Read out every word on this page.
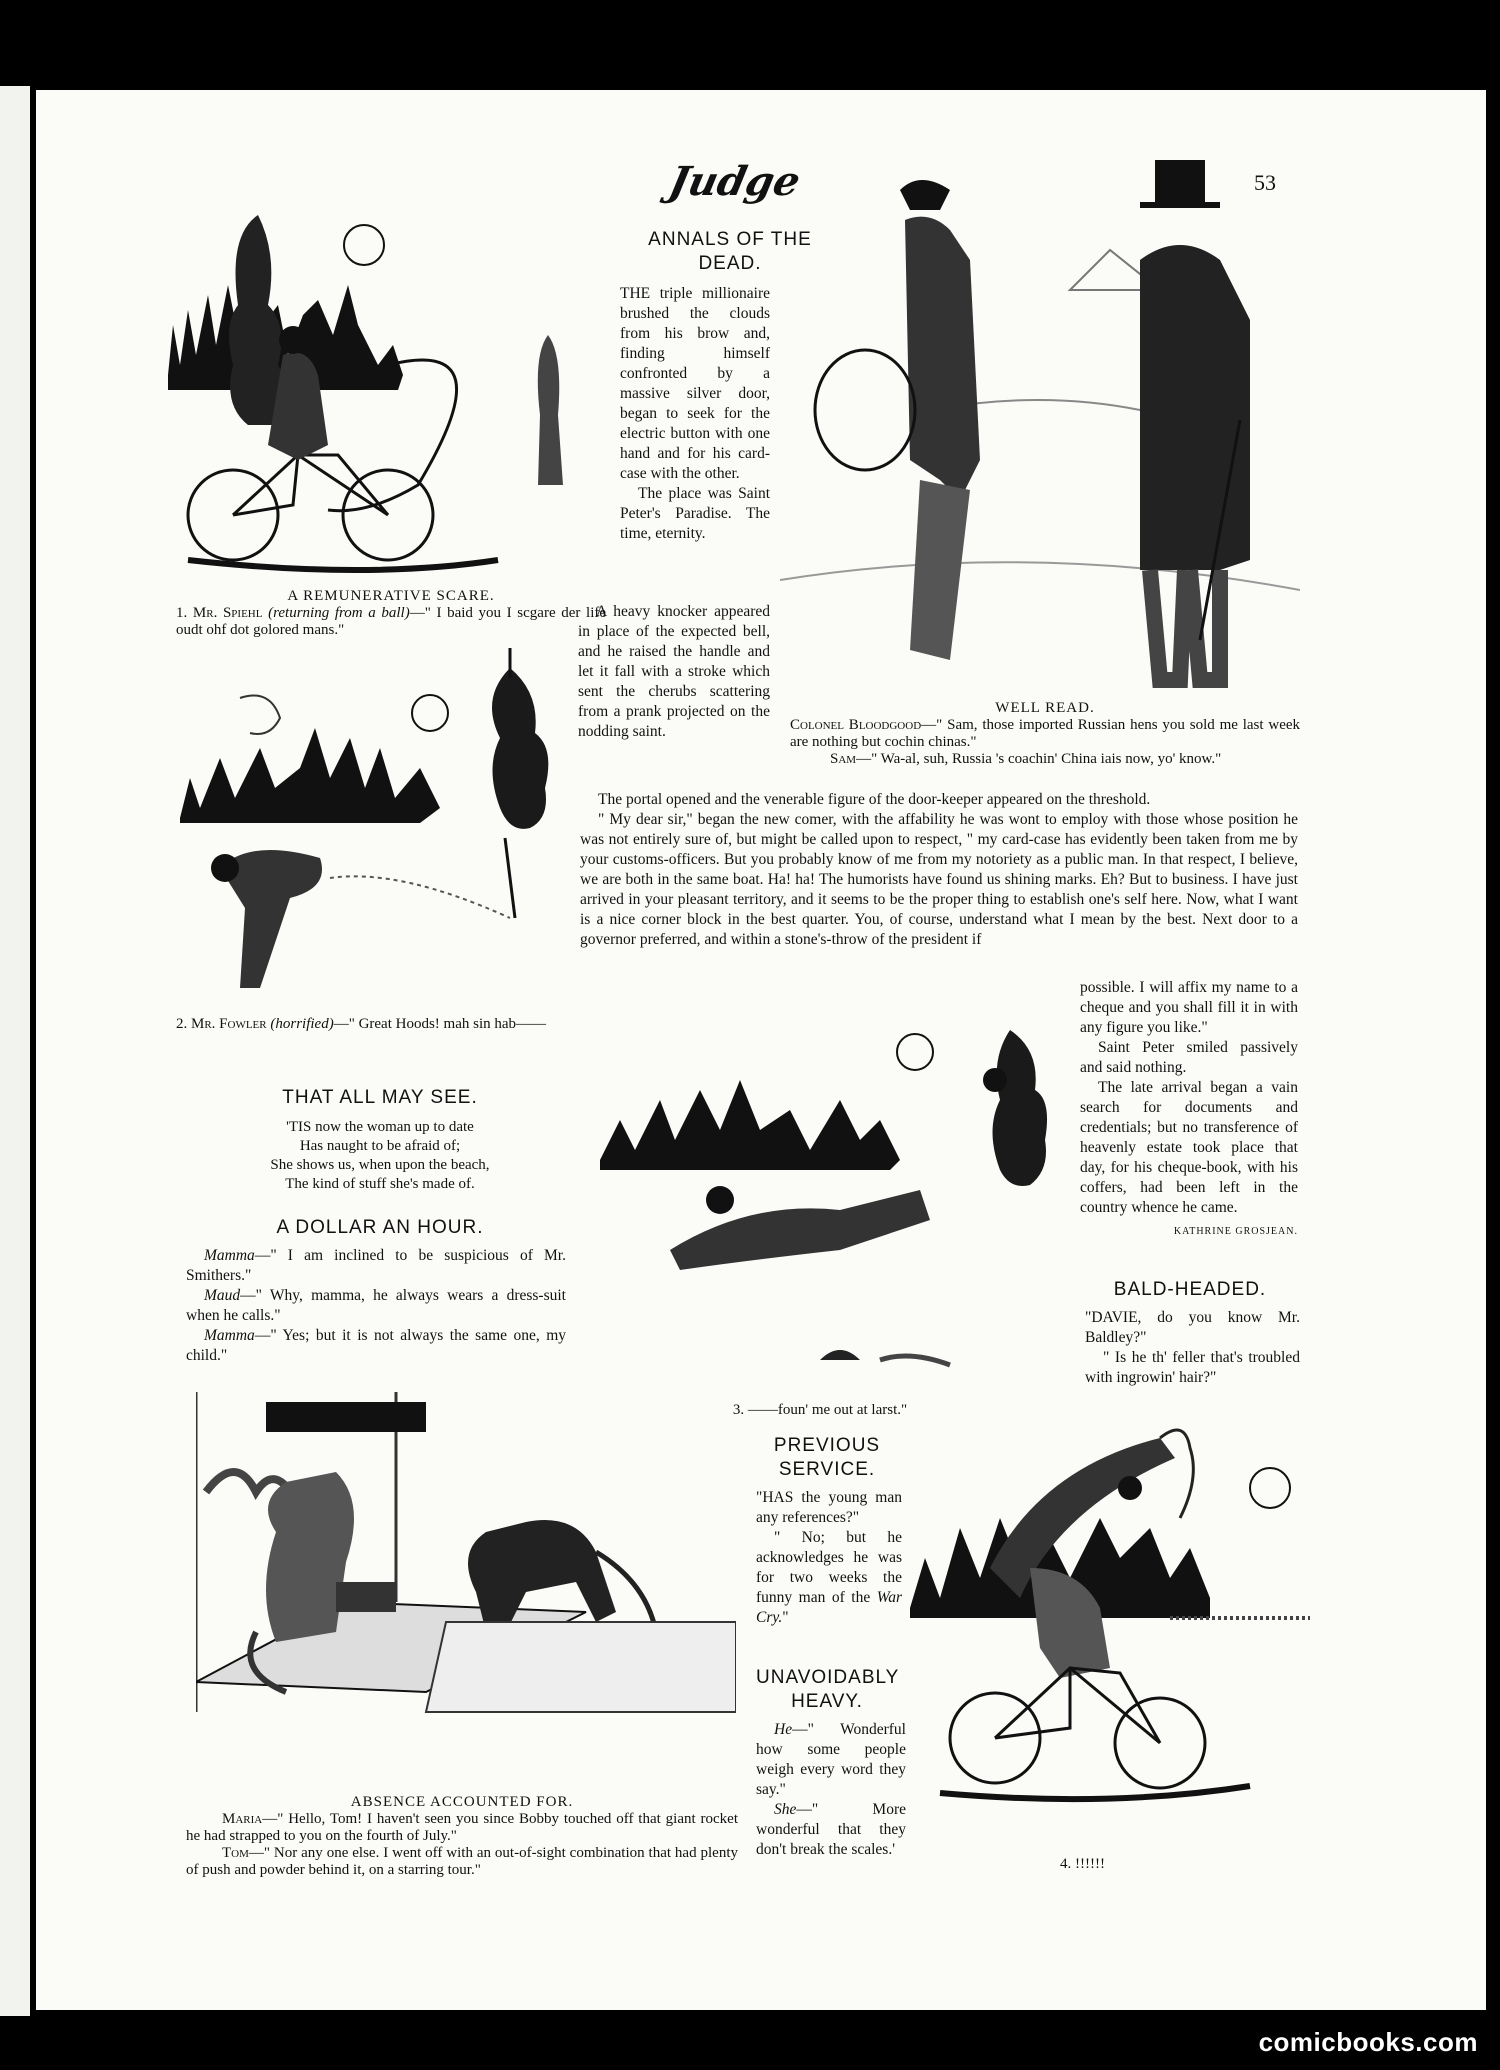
Judge	53
A REMUNERATIVE SCARE.
1. Mr. Spiehl (returning from a ball)—" I baid you I scgare der life oudt ohf dot golored mans."
2. Mr. Fowler (horrified)—" Great Hoods! mah sin hab——
ANNALS OF THE DEAD.

THE triple millionaire brushed the clouds from his brow and, finding himself confronted by a massive silver door, began to seek for the electric button with one hand and for his card-case with the other.

The place was Saint Peter's Paradise. The time, eternity.

A heavy knocker appeared in place of the expected bell, and he raised the handle and let it fall with a stroke which sent the cherubs scattering from a prank projected on the nodding saint.

WELL READ.
Colonel Bloodgood—" Sam, those imported Russian hens you sold me last week are nothing but cochin chinas."
Sam—" Wa-al, suh, Russia 's coachin' China iais now, yo' know."

The portal opened and the venerable figure of the door-keeper appeared on the threshold.

" My dear sir," began the new comer, with the affability he was wont to employ with those whose position he was not entirely sure of, but might be called upon to respect, " my card-case has evidently been taken from me by your customs-officers. But you probably know of me from my notoriety as a public man. In that respect, I believe, we are both in the same boat. Ha! ha! The humorists have found us shining marks. Eh? But to business. I have just arrived in your pleasant territory, and it seems to be the proper thing to establish one's self here. Now, what I want is a nice corner block in the best quarter. You, of course, understand what I mean by the best. Next door to a governor preferred, and within a stone's-throw of the president if

possible. I will affix my name to a cheque and you shall fill it in with any figure you like."

Saint Peter smiled passively and said nothing.

The late arrival began a vain search for documents and credentials; but no transference of heavenly estate took place that day, for his cheque-book, with his coffers, had been left in the country whence he came.

KATHRINE GROSJEAN.
3. ——foun' me out at larst."
THAT ALL MAY SEE.
'TIS now the woman up to date
Has naught to be afraid of;
She shows us, when upon the beach,
The kind of stuff she's made of.
A DOLLAR AN HOUR.

Mamma—" I am inclined to be suspicious of Mr. Smithers."

Maud—" Why, mamma, he always wears a dress-suit when he calls."

Mamma—" Yes; but it is not always the same one, my child."

BALD-HEADED.

"DAVIE, do you know Mr. Baldley?"

" Is he th' feller that's troubled with ingrowin' hair?"

ABSENCE ACCOUNTED FOR.
Maria—" Hello, Tom! I haven't seen you since Bobby touched off that giant rocket he had strapped to you on the fourth of July."
Tom—" Nor any one else. I went off with an out-of-sight combination that had plenty of push and powder behind it, on a starring tour."
PREVIOUS SERVICE.

"HAS the young man any references?"

" No; but he acknowledges he was for two weeks the funny man of the War Cry."

UNAVOIDABLY HEAVY.

He—" Wonderful how some people weigh every word they say."

She—" More wonderful that they don't break the scales.'

4. !!!!!!
comicbooks.com
